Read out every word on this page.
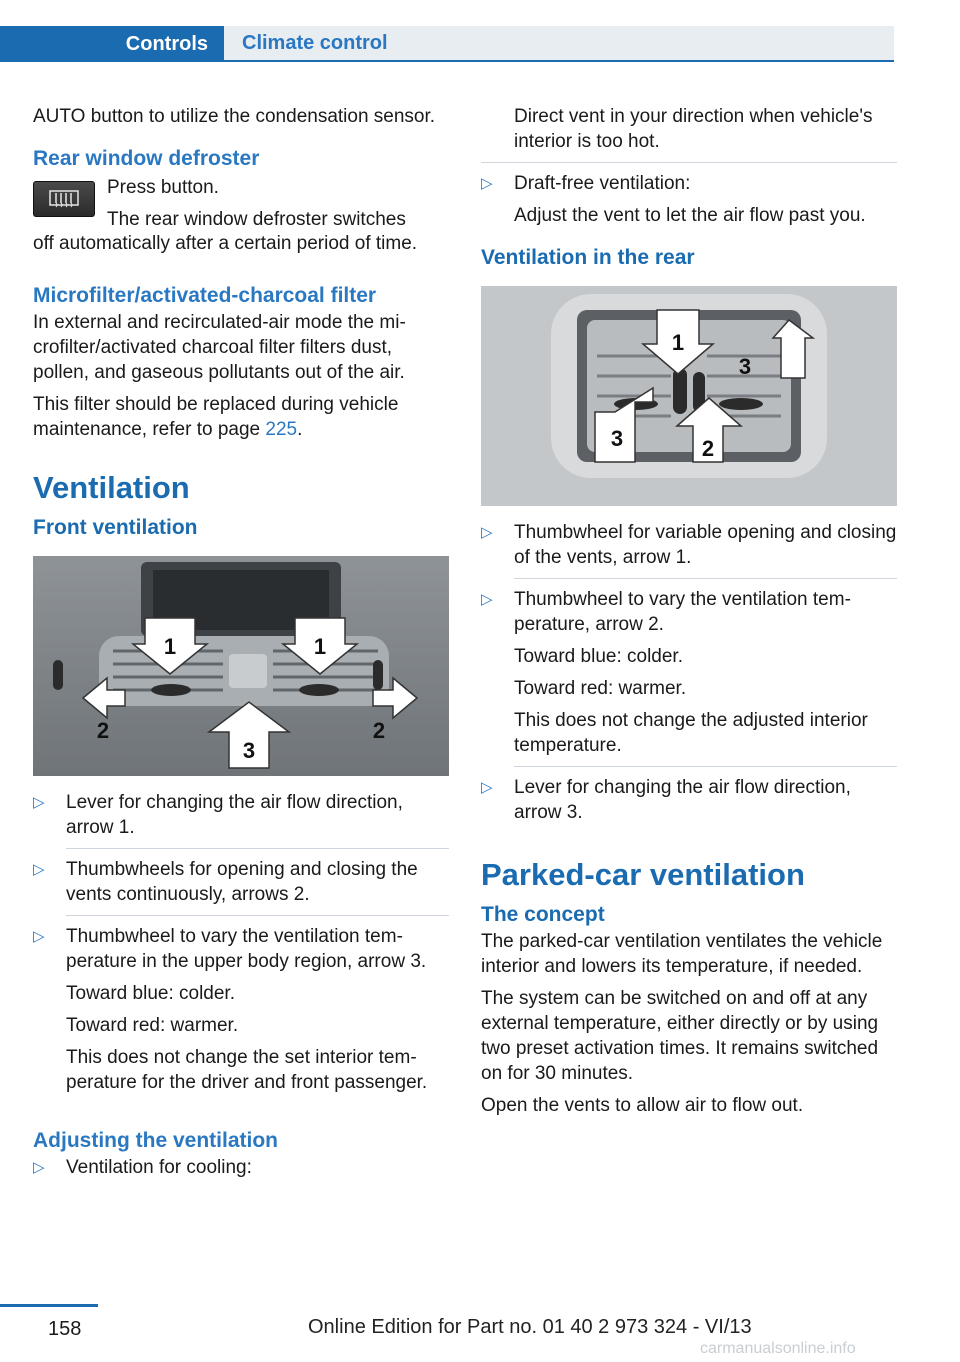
Controls	Climate control

AUTO button to utilize the condensation sensor.

Rear window defroster
Press button.
The rear window defroster switches

off automatically after a certain period of time.

Microfilter/activated-charcoal filter

In external and recirculated-air mode the microfilter/activated charcoal filter filters dust, pollen, and gaseous pollutants out of the air.

This filter should be replaced during vehicle maintenance, refer to page 225.

Ventilation
Front ventilation
1	1
2	2
3
▷ Lever for changing the air flow direction, arrow 1.
▷ Thumbwheels for opening and closing the vents continuously, arrows 2.
▷ Thumbwheel to vary the ventilation temperature in the upper body region, arrow 3.
Toward blue: colder.
Toward red: warmer.
This does not change the set interior temperature for the driver and front passenger.
Adjusting the ventilation
▷ Ventilation for cooling:

Direct vent in your direction when vehicle's interior is too hot.

▷ Draft-free ventilation:
Adjust the vent to let the air flow past you.
Ventilation in the rear
1
2
3
3
▷ Thumbwheel for variable opening and closing of the vents, arrow 1.
▷ Thumbwheel to vary the ventilation temperature, arrow 2.
Toward blue: colder.
Toward red: warmer.
This does not change the adjusted interior temperature.
▷ Lever for changing the air flow direction, arrow 3.
Parked-car ventilation
The concept

The parked-car ventilation ventilates the vehicle interior and lowers its temperature, if needed.

The system can be switched on and off at any external temperature, either directly or by using two preset activation times. It remains switched on for 30 minutes.

Open the vents to allow air to flow out.

158	Online Edition for Part no. 01 40 2 973 324 - VI/13
carmanualsonline.info
